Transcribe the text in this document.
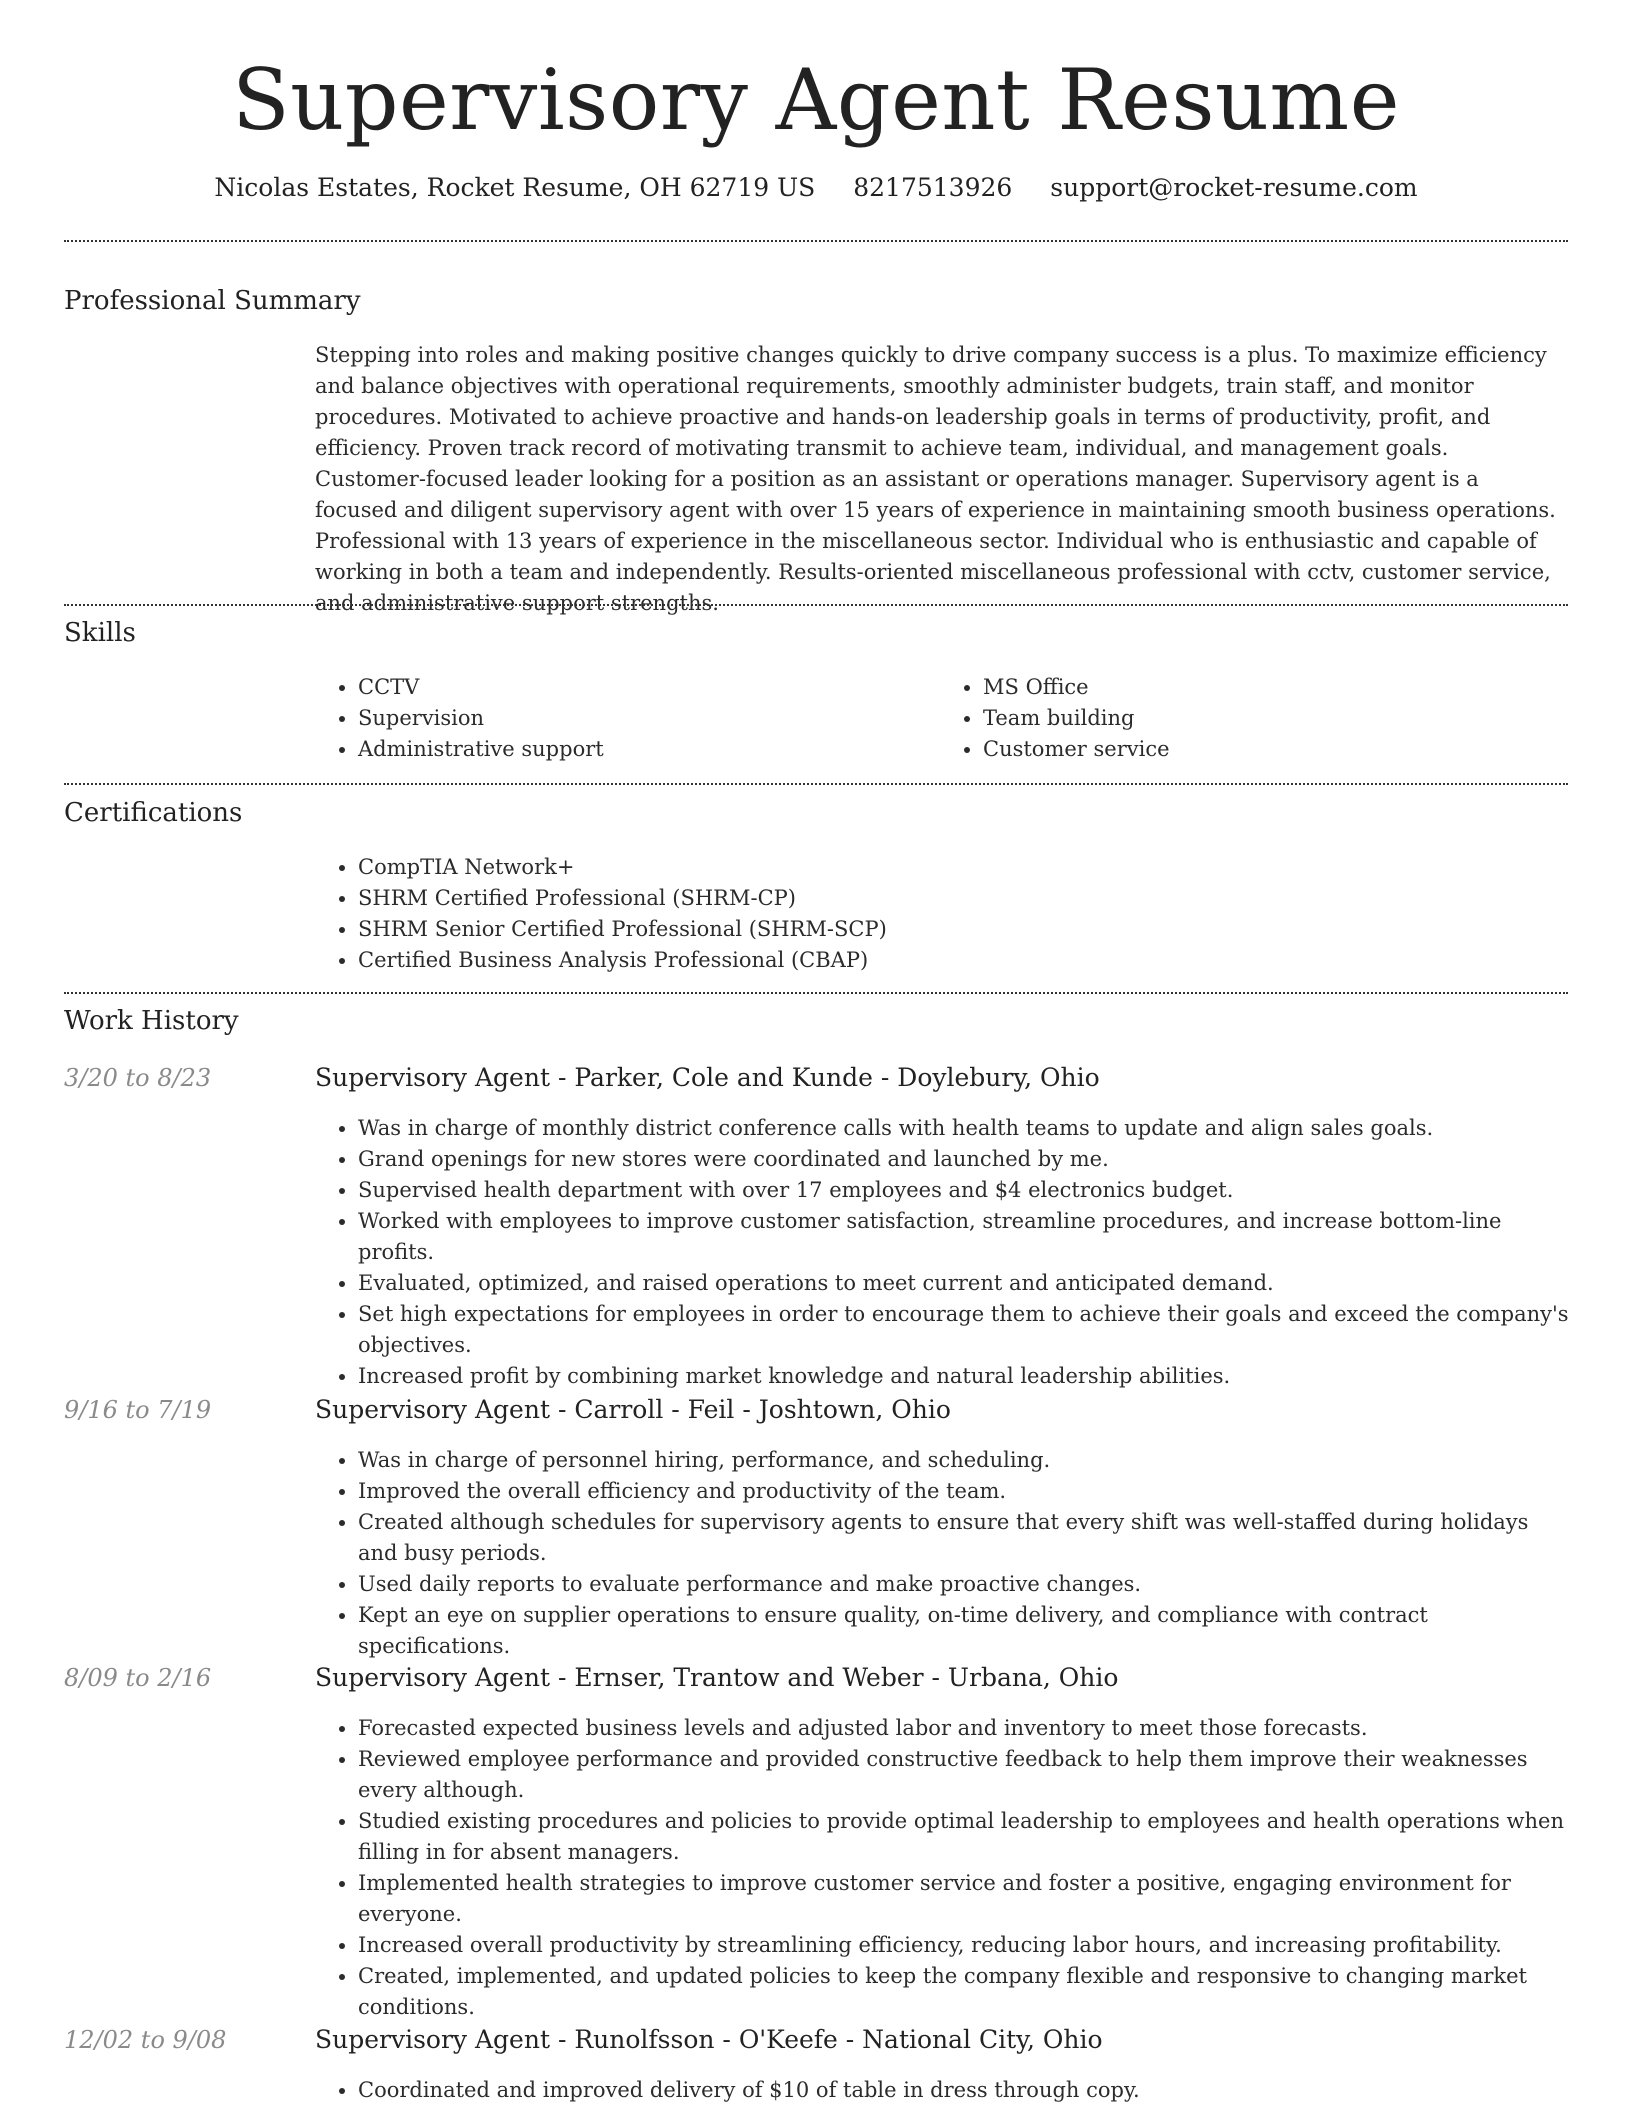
Supervisory Agent Resume
Nicolas Estates, Rocket Resume, OH 62719 US 8217513926 support@rocket-resume.com
Professional Summary

Stepping into roles and making positive changes quickly to drive company success is a plus. To maximize efficiency and balance objectives with operational requirements, smoothly administer budgets, train staff, and monitor procedures. Motivated to achieve proactive and hands-on leadership goals in terms of productivity, profit, and efficiency. Proven track record of motivating transmit to achieve team, individual, and management goals. Customer-focused leader looking for a position as an assistant or operations manager. Supervisory agent is a focused and diligent supervisory agent with over 15 years of experience in maintaining smooth business operations. Professional with 13 years of experience in the miscellaneous sector. Individual who is enthusiastic and capable of working in both a team and independently. Results-oriented miscellaneous professional with cctv, customer service, and administrative support strengths.

Skills
• CCTV
• Supervision
• Administrative support
• MS Office
• Team building
• Customer service
Certifications
• CompTIA Network+
• SHRM Certified Professional (SHRM-CP)
• SHRM Senior Certified Professional (SHRM-SCP)
• Certified Business Analysis Professional (CBAP)
Work History
3/20 to 8/23	Supervisory Agent - Parker, Cole and Kunde - Doylebury, Ohio
• Was in charge of monthly district conference calls with health teams to update and align sales goals.
• Grand openings for new stores were coordinated and launched by me.
• Supervised health department with over 17 employees and $4 electronics budget.
• Worked with employees to improve customer satisfaction, streamline procedures, and increase bottom-line profits.
• Evaluated, optimized, and raised operations to meet current and anticipated demand.
• Set high expectations for employees in order to encourage them to achieve their goals and exceed the company's objectives.
• Increased profit by combining market knowledge and natural leadership abilities.
9/16 to 7/19	Supervisory Agent - Carroll - Feil - Joshtown, Ohio
• Was in charge of personnel hiring, performance, and scheduling.
• Improved the overall efficiency and productivity of the team.
• Created although schedules for supervisory agents to ensure that every shift was well-staffed during holidays and busy periods.
• Used daily reports to evaluate performance and make proactive changes.
• Kept an eye on supplier operations to ensure quality, on-time delivery, and compliance with contract specifications.
8/09 to 2/16	Supervisory Agent - Ernser, Trantow and Weber - Urbana, Ohio
• Forecasted expected business levels and adjusted labor and inventory to meet those forecasts.
• Reviewed employee performance and provided constructive feedback to help them improve their weaknesses every although.
• Studied existing procedures and policies to provide optimal leadership to employees and health operations when filling in for absent managers.
• Implemented health strategies to improve customer service and foster a positive, engaging environment for everyone.
• Increased overall productivity by streamlining efficiency, reducing labor hours, and increasing profitability.
• Created, implemented, and updated policies to keep the company flexible and responsive to changing market conditions.
12/02 to 9/08	Supervisory Agent - Runolfsson - O'Keefe - National City, Ohio
• Coordinated and improved delivery of $10 of table in dress through copy.
